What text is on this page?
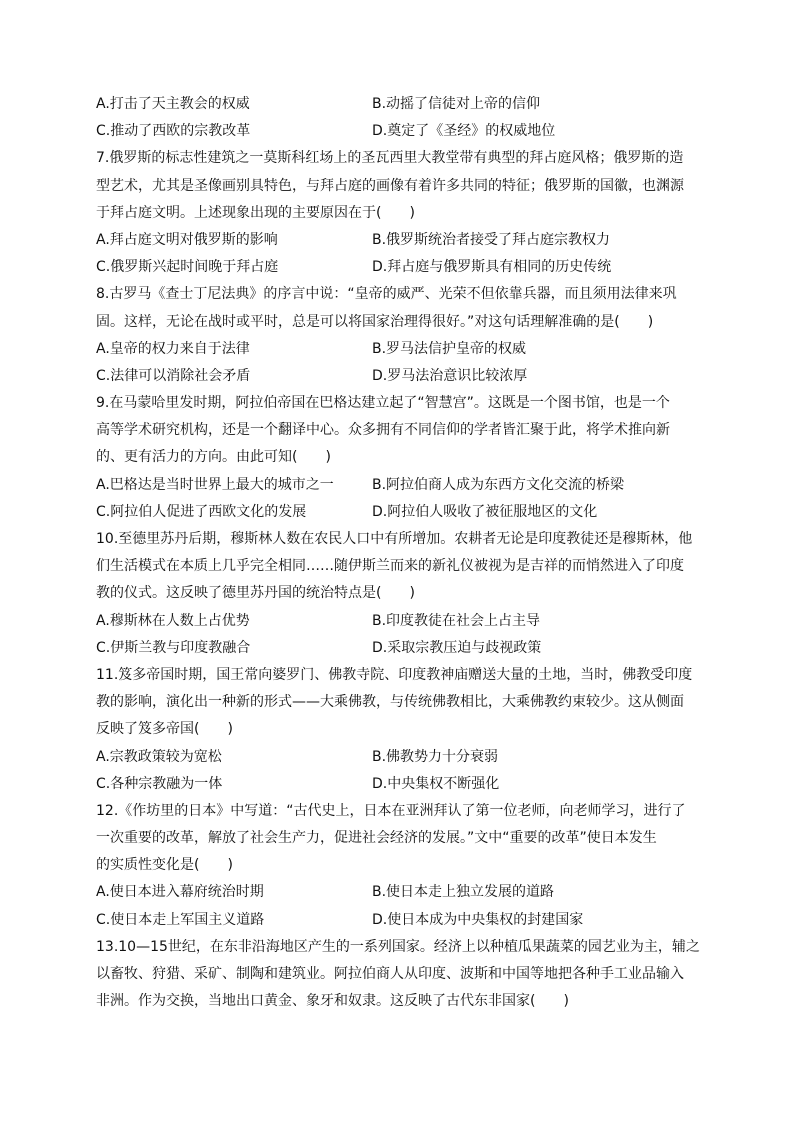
A.打击了天主教会的权威	B.动摇了信徒对上帝的信仰
C.推动了西欧的宗教改革	D.奠定了《圣经》的权威地位
7.俄罗斯的标志性建筑之一莫斯科红场上的圣瓦西里大教堂带有典型的拜占庭风格；俄罗斯的造
型艺术，尤其是圣像画别具特色，与拜占庭的画像有着许多共同的特征；俄罗斯的国徽，也渊源
于拜占庭文明。上述现象出现的主要原因在于(　　)
A.拜占庭文明对俄罗斯的影响	B.俄罗斯统治者接受了拜占庭宗教权力
C.俄罗斯兴起时间晚于拜占庭	D.拜占庭与俄罗斯具有相同的历史传统
8.古罗马《查士丁尼法典》的序言中说：“皇帝的威严、光荣不但依靠兵器，而且须用法律来巩
固。这样，无论在战时或平时，总是可以将国家治理得很好。”对这句话理解准确的是(　　)
A.皇帝的权力来自于法律	B.罗马法信护皇帝的权威
C.法律可以消除社会矛盾	D.罗马法治意识比较浓厚
9.在马蒙哈里发时期，阿拉伯帝国在巴格达建立起了“智慧宫”。这既是一个图书馆，也是一个
高等学术研究机构，还是一个翻译中心。众多拥有不同信仰的学者皆汇聚于此，将学术推向新
的、更有活力的方向。由此可知(　　)
A.巴格达是当时世界上最大的城市之一	B.阿拉伯商人成为东西方文化交流的桥梁
C.阿拉伯人促进了西欧文化的发展	D.阿拉伯人吸收了被征服地区的文化
10.至德里苏丹后期，穆斯林人数在农民人口中有所增加。农耕者无论是印度教徒还是穆斯林，他
们生活模式在本质上几乎完全相同……随伊斯兰而来的新礼仪被视为是吉祥的而悄然进入了印度
教的仪式。这反映了德里苏丹国的统治特点是(　　)
A.穆斯林在人数上占优势	B.印度教徒在社会上占主导
C.伊斯兰教与印度教融合	D.采取宗教压迫与歧视政策
11.笈多帝国时期，国王常向婆罗门、佛教寺院、印度教神庙赠送大量的土地，当时，佛教受印度
教的影响，演化出一种新的形式——大乘佛教，与传统佛教相比，大乘佛教约束较少。这从侧面
反映了笈多帝国(　　)
A.宗教政策较为宽松	B.佛教势力十分衰弱
C.各种宗教融为一体	D.中央集权不断强化
12.《作坊里的日本》中写道：“古代史上，日本在亚洲拜认了第一位老师，向老师学习，进行了
一次重要的改革，解放了社会生产力，促进社会经济的发展。”文中“重要的改革”使日本发生
的实质性变化是(　　)
A.使日本进入幕府统治时期	B.使日本走上独立发展的道路
C.使日本走上军国主义道路	D.使日本成为中央集权的封建国家
13.10—15世纪，在东非沿海地区产生的一系列国家。经济上以种植瓜果蔬菜的园艺业为主，辅之
以畜牧、狩猎、采矿、制陶和建筑业。阿拉伯商人从印度、波斯和中国等地把各种手工业品输入
非洲。作为交换，当地出口黄金、象牙和奴隶。这反映了古代东非国家(　　)
